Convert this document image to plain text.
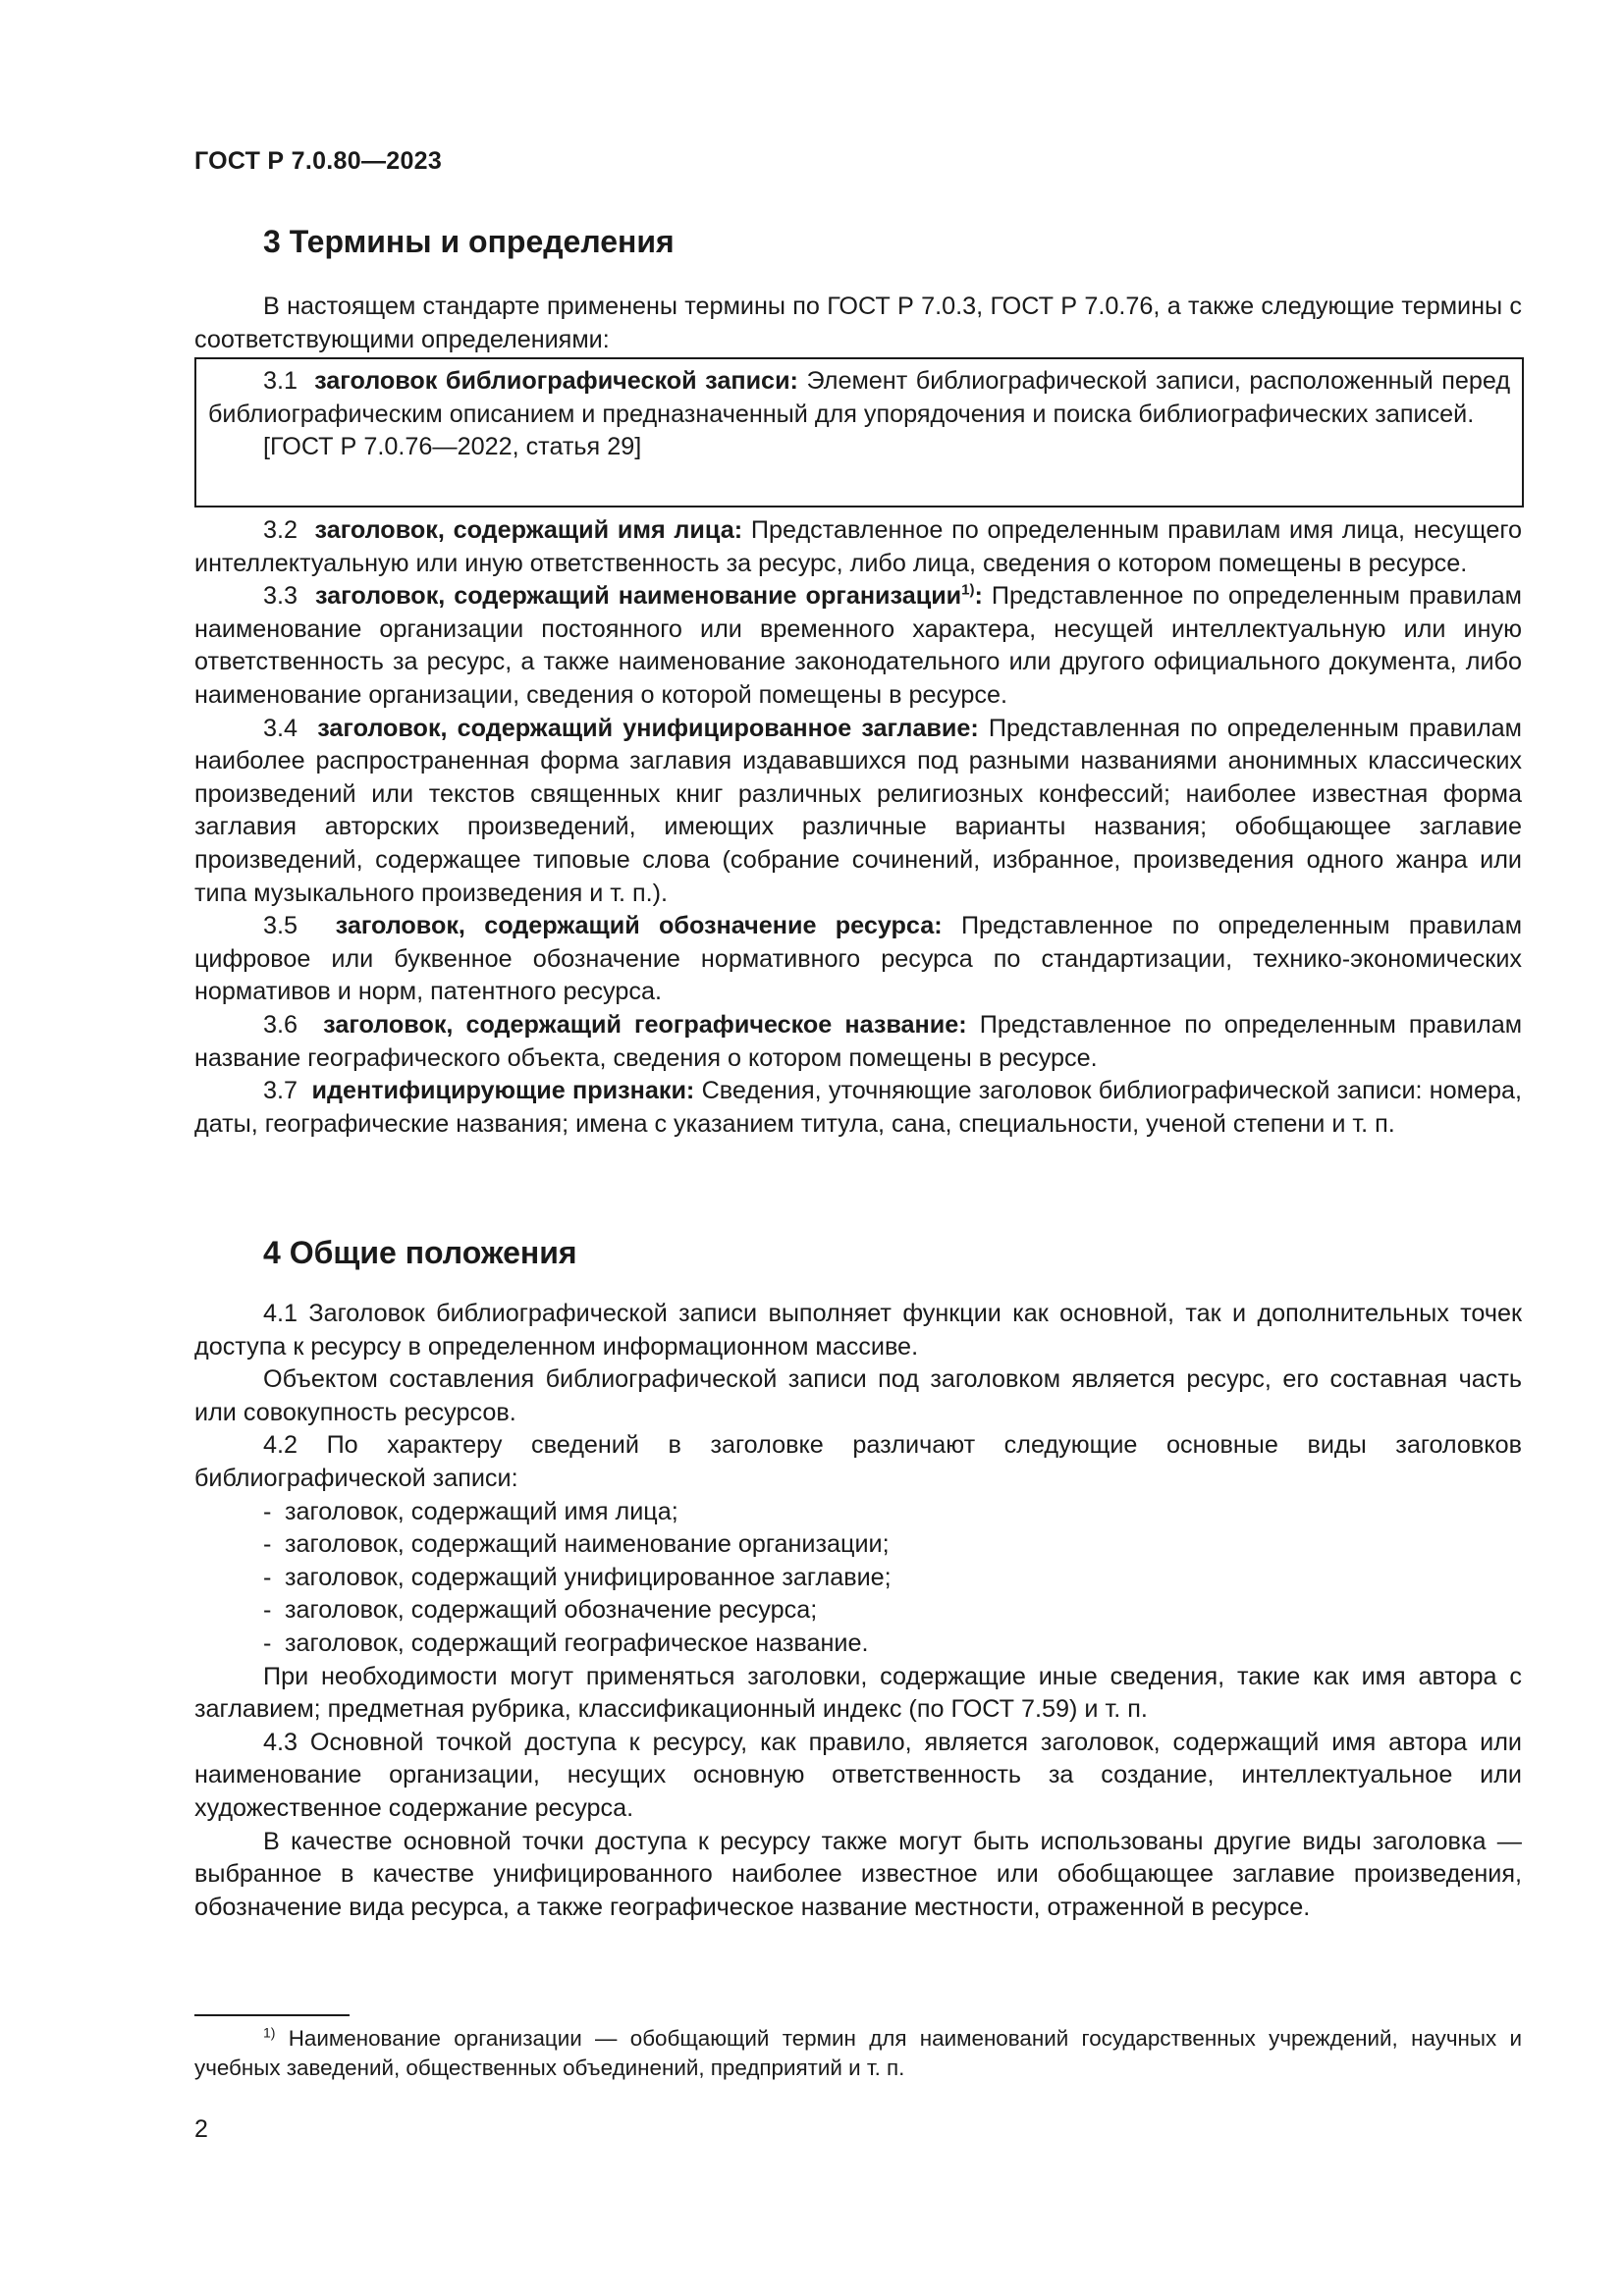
ГОСТ Р 7.0.80—2023
3 Термины и определения

В настоящем стандарте применены термины по ГОСТ Р 7.0.3, ГОСТ Р 7.0.76, а также следующие термины с соответствующими определениями:

3.1 заголовок библиографической записи: Элемент библиографической записи, расположенный перед библиографическим описанием и предназначенный для упорядочения и поиска библиографических записей.

[ГОСТ Р 7.0.76—2022, статья 29]

3.2 заголовок, содержащий имя лица: Представленное по определенным правилам имя лица, несущего интеллектуальную или иную ответственность за ресурс, либо лица, сведения о котором помещены в ресурсе.

3.3 заголовок, содержащий наименование организации$^{1)}$: Представленное по определенным правилам наименование организации постоянного или временного характера, несущей интеллектуальную или иную ответственность за ресурс, а также наименование законодательного или другого официального документа, либо наименование организации, сведения о которой помещены в ресурсе.

3.4 заголовок, содержащий унифицированное заглавие: Представленная по определенным правилам наиболее распространенная форма заглавия издававшихся под разными названиями анонимных классических произведений или текстов священных книг различных религиозных конфессий; наиболее известная форма заглавия авторских произведений, имеющих различные варианты названия; обобщающее заглавие произведений, содержащее типовые слова (собрание сочинений, избранное, произведения одного жанра или типа музыкального произведения и т. п.).

3.5 заголовок, содержащий обозначение ресурса: Представленное по определенным правилам цифровое или буквенное обозначение нормативного ресурса по стандартизации, технико-экономических нормативов и норм, патентного ресурса.

3.6 заголовок, содержащий географическое название: Представленное по определенным правилам название географического объекта, сведения о котором помещены в ресурсе.

3.7 идентифицирующие признаки: Сведения, уточняющие заголовок библиографической записи: номера, даты, географические названия; имена с указанием титула, сана, специальности, ученой степени и т. п.

4 Общие положения

4.1 Заголовок библиографической записи выполняет функции как основной, так и дополнительных точек доступа к ресурсу в определенном информационном массиве.

Объектом составления библиографической записи под заголовком является ресурс, его составная часть или совокупность ресурсов.

4.2 По характеру сведений в заголовке различают следующие основные виды заголовков библиографической записи:

- заголовок, содержащий имя лица;

- заголовок, содержащий наименование организации;

- заголовок, содержащий унифицированное заглавие;

- заголовок, содержащий обозначение ресурса;

- заголовок, содержащий географическое название.

При необходимости могут применяться заголовки, содержащие иные сведения, такие как имя автора с заглавием; предметная рубрика, классификационный индекс (по ГОСТ 7.59) и т. п.

4.3 Основной точкой доступа к ресурсу, как правило, является заголовок, содержащий имя автора или наименование организации, несущих основную ответственность за создание, интеллектуальное или художественное содержание ресурса.

В качестве основной точки доступа к ресурсу также могут быть использованы другие виды заголовка — выбранное в качестве унифицированного наиболее известное или обобщающее заглавие произведения, обозначение вида ресурса, а также географическое название местности, отраженной в ресурсе.

$^{1)}$ Наименование организации — обобщающий термин для наименований государственных учреждений, научных и учебных заведений, общественных объединений, предприятий и т. п.

2
